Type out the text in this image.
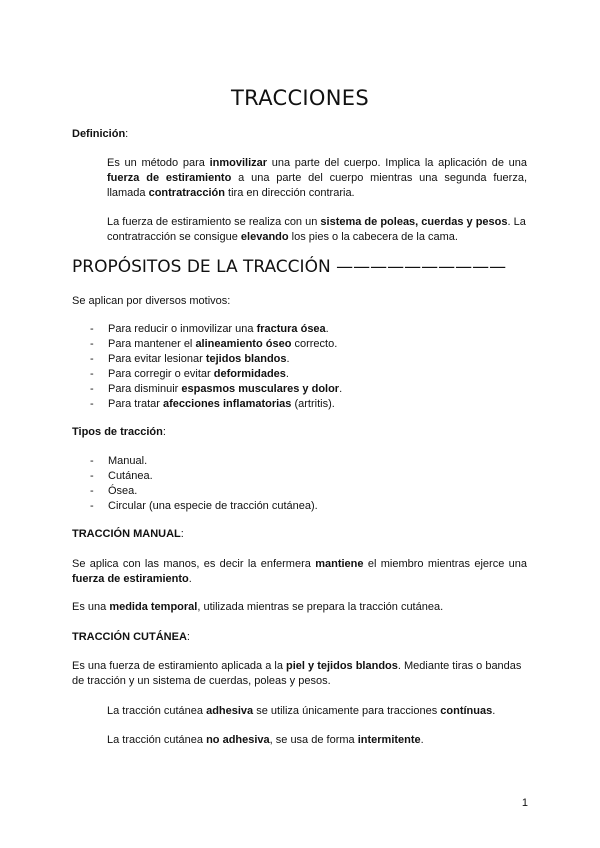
TRACCIONES
Definición:

Es un método para inmovilizar una parte del cuerpo. Implica la aplicación de una fuerza de estiramiento a una parte del cuerpo mientras una segunda fuerza, llamada contratracción tira en dirección contraria.

La fuerza de estiramiento se realiza con un sistema de poleas, cuerdas y pesos. La contratracción se consigue elevando los pies o la cabecera de la cama.

PROPÓSITOS DE LA TRACCIÓN ——————————

Se aplican por diversos motivos:

- Para reducir o inmovilizar una fractura ósea.
- Para mantener el alineamiento óseo correcto.
- Para evitar lesionar tejidos blandos.
- Para corregir o evitar deformidades.
- Para disminuir espasmos musculares y dolor.
- Para tratar afecciones inflamatorias (artritis).
Tipos de tracción:
- Manual.
- Cutánea.
- Ósea.
- Circular (una especie de tracción cutánea).
TRACCIÓN MANUAL:

Se aplica con las manos, es decir la enfermera mantiene el miembro mientras ejerce una fuerza de estiramiento.

Es una medida temporal, utilizada mientras se prepara la tracción cutánea.

TRACCIÓN CUTÁNEA:

Es una fuerza de estiramiento aplicada a la piel y tejidos blandos. Mediante tiras o bandas de tracción y un sistema de cuerdas, poleas y pesos.

La tracción cutánea adhesiva se utiliza únicamente para tracciones contínuas.

La tracción cutánea no adhesiva, se usa de forma intermitente.

1
